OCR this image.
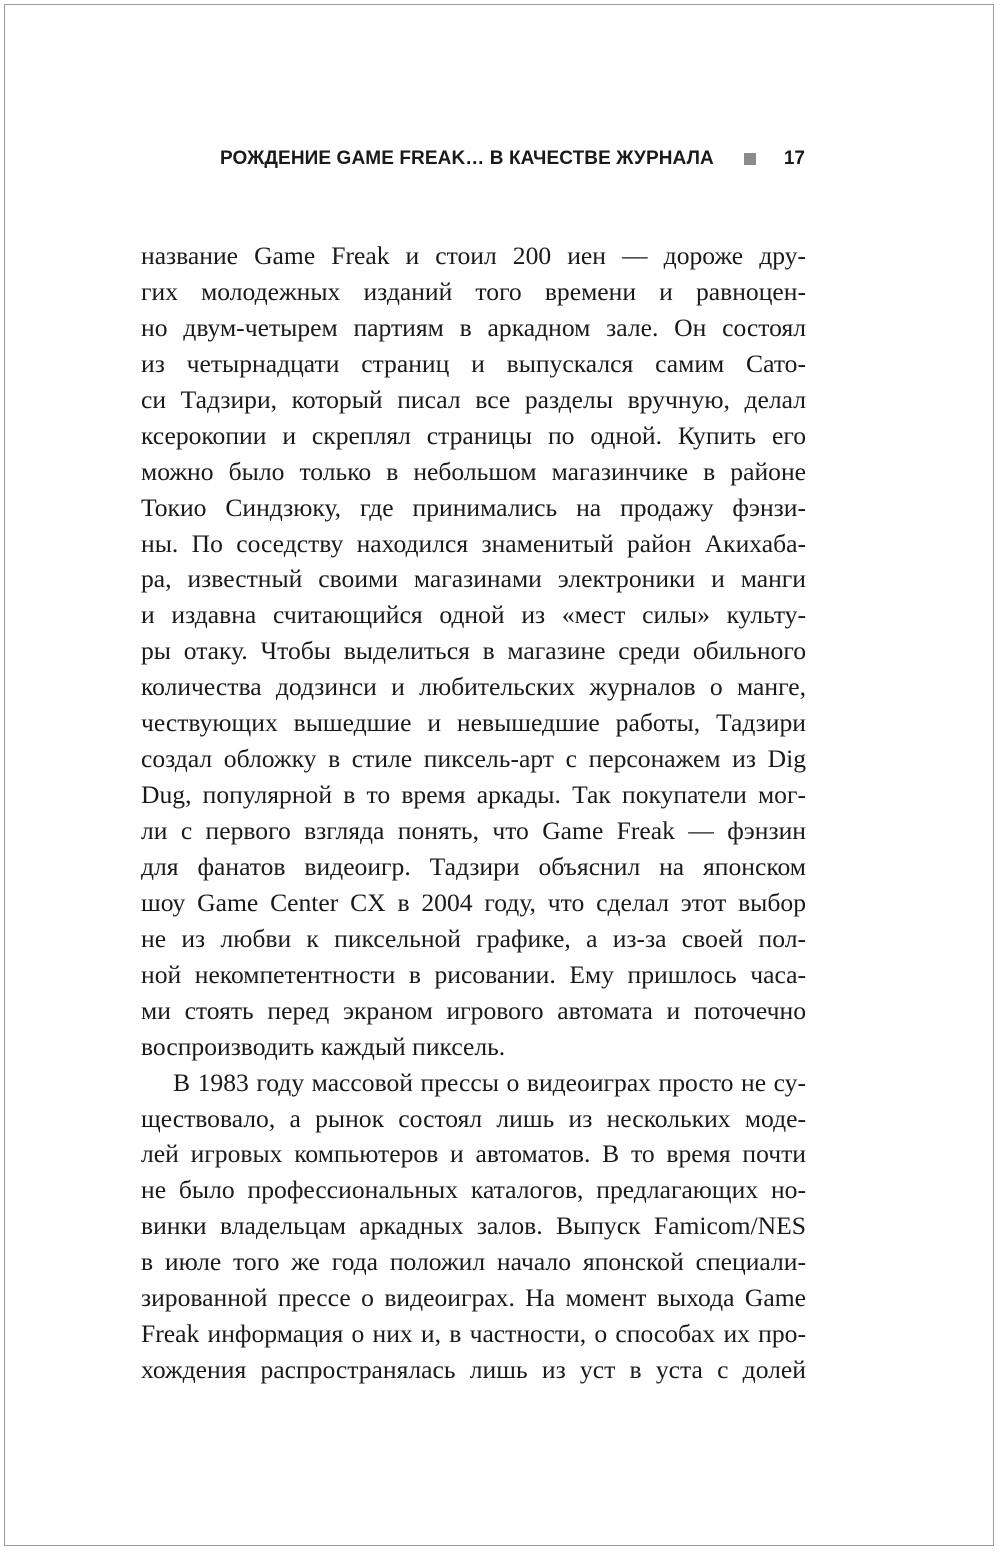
РОЖДЕНИЕ GAME FREAK… В КАЧЕСТВЕ ЖУРНАЛА	17
название Game Freak и стоил 200 иен — дороже дру-
гих молодежных изданий того времени и равноцен-
но двум-четырем партиям в аркадном зале. Он состоял
из четырнадцати страниц и выпускался самим Сато-
си Тадзири, который писал все разделы вручную, делал
ксерокопии и скреплял страницы по одной. Купить его
можно было только в небольшом магазинчике в районе
Токио Синдзюку, где принимались на продажу фэнзи-
ны. По соседству находился знаменитый район Акихаба-
ра, известный своими магазинами электроники и манги
и издавна считающийся одной из «мест силы» культу-
ры отаку. Чтобы выделиться в магазине среди обильного
количества додзинси и любительских журналов о манге,
чествующих вышедшие и невышедшие работы, Тадзири
создал обложку в стиле пиксель-арт с персонажем из Dig
Dug, популярной в то время аркады. Так покупатели мог-
ли с первого взгляда понять, что Game Freak — фэнзин
для фанатов видеоигр. Тадзири объяснил на японском
шоу Game Center CX в 2004 году, что сделал этот выбор
не из любви к пиксельной графике, а из-за своей пол-
ной некомпетентности в рисовании. Ему пришлось часа-
ми стоять перед экраном игрового автомата и поточечно
воспроизводить каждый пиксель.
В 1983 году массовой прессы о видеоиграх просто не су-
ществовало, а рынок состоял лишь из нескольких моде-
лей игровых компьютеров и автоматов. В то время почти
не было профессиональных каталогов, предлагающих но-
винки владельцам аркадных залов. Выпуск Famicom/NES
в июле того же года положил начало японской специали-
зированной прессе о видеоиграх. На момент выхода Game
Freak информация о них и, в частности, о способах их про-
хождения распространялась лишь из уст в уста с долей
